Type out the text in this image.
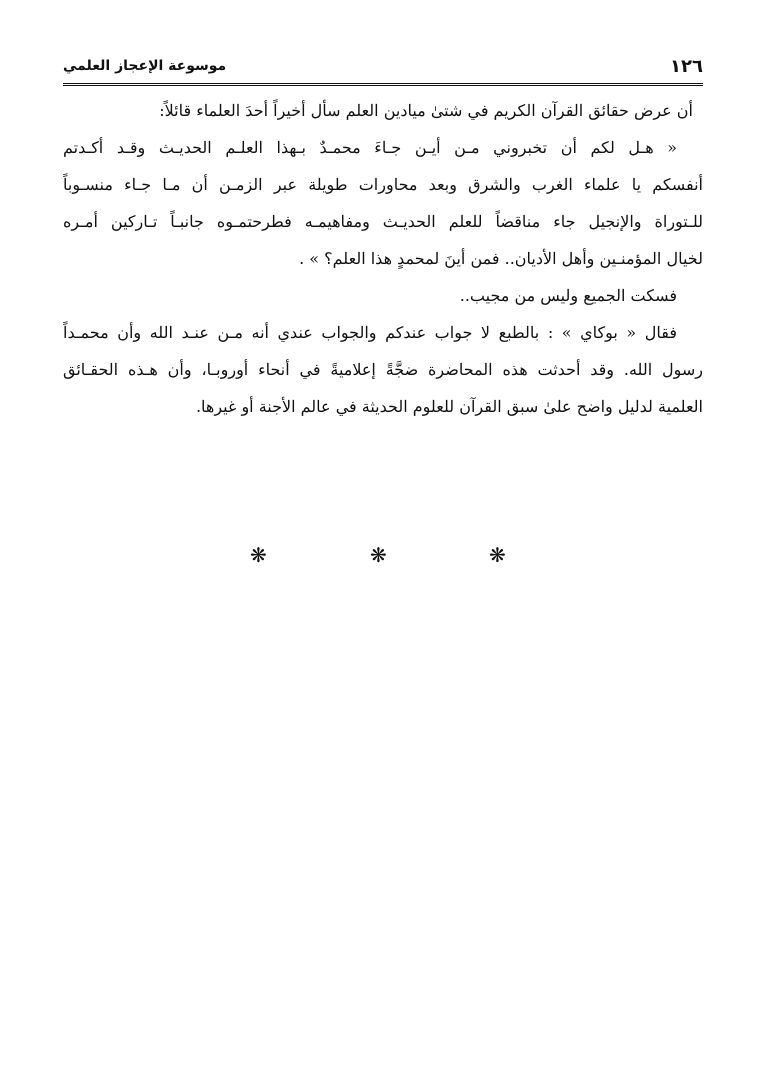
١٢٦
موسوعة الإعجاز العلمي
أن عرض حقائق القرآن الكريم في شتىٰ ميادين العلم سأل أخيراً أحدَ العلماء قائلاً:
« هـل لكم أن تخبروني مـن أيـن جـاءَ محمـدٌ بـهذا العلـم الحديـث وقـد أكـدتم
أنفسكم يا علماء الغرب والشرق وبعد محاورات طويلة عبر الزمـن أن مـا جـاء منسـوباً
للـتوراة والإنجيل جاء مناقضاً للعلم الحديـث ومفاهيمـه فطرحتمـوه جانبـاً تـاركين أمـره
لخيال المؤمنـين وأهل الأديان.. فمن أينَ لمحمدٍ هذا العلم؟ » .
فسكت الجميع وليس من مجيب..
فقال « بوكاي » : بالطبع لا جواب عندكم والجواب عندي أنه مـن عنـد الله وأن محمـداً
رسول الله. وقد أحدثت هذه المحاضرة ضجَّةً إعلاميةً في أنحاء أوروبـا، وأن هـذه الحقـائق
العلمية لدليل واضح علىٰ سبق القرآن للعلوم الحديثة في عالم الأجنة أو غيرها.
❋	❋	❋
